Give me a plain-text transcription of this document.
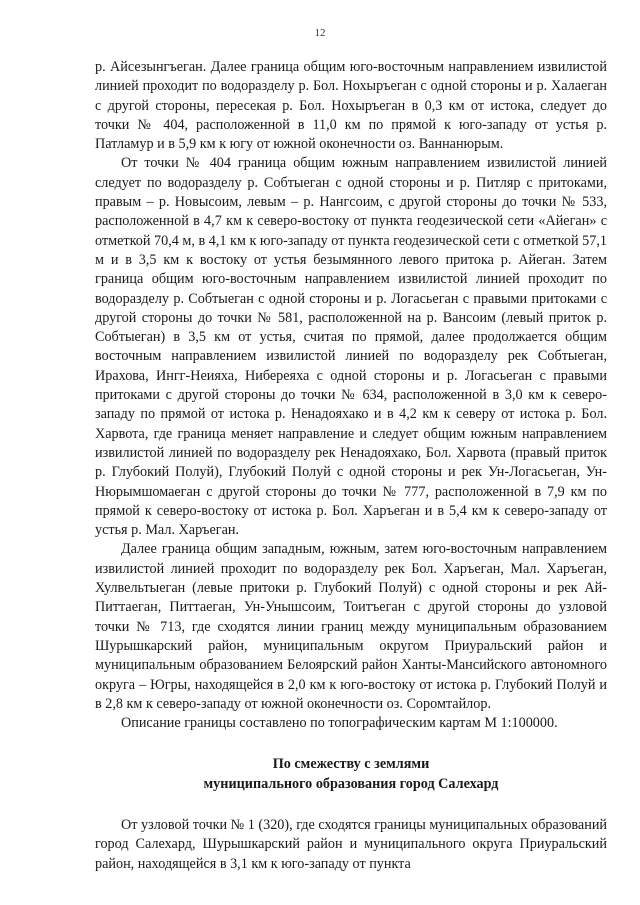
12

р. Айсезынгъеган. Далее граница общим юго-восточным направлением извилистой линией проходит по водоразделу р. Бол. Нохыръеган с одной стороны и р. Халаеган с другой стороны, пересекая р. Бол. Нохыръеган в 0,3 км от истока, следует до точки № 404, расположенной в 11,0 км по прямой к юго-западу от устья р. Патламур и в 5,9 км к югу от южной оконечности оз. Ваннанюрым.

От точки № 404 граница общим южным направлением извилистой линией следует по водоразделу р. Собтыеган с одной стороны и р. Питляр с притоками, правым – р. Новысоим, левым – р. Нангсоим, с другой стороны до точки № 533, расположенной в 4,7 км к северо-востоку от пункта геодезической сети «Айеган» с отметкой 70,4 м, в 4,1 км к юго-западу от пункта геодезической сети с отметкой 57,1 м и в 3,5 км к востоку от устья безымянного левого притока р. Айеган. Затем граница общим юго-восточным направлением извилистой линией проходит по водоразделу р. Собтыеган с одной стороны и р. Логасьеган с правыми притоками с другой стороны до точки № 581, расположенной на р. Вансоим (левый приток р. Собтыеган) в 3,5 км от устья, считая по прямой, далее продолжается общим восточным направлением извилистой линией по водоразделу рек Собтыеган, Ирахова, Ингг-Неияха, Нибереяха с одной стороны и р. Логасьеган с правыми притоками с другой стороны до точки № 634, расположенной в 3,0 км к северо-западу по прямой от истока р. Ненадояхако и в 4,2 км к северу от истока р. Бол. Харвота, где граница меняет направление и следует общим южным направлением извилистой линией по водоразделу рек Ненадояхако, Бол. Харвота (правый приток р. Глубокий Полуй), Глубокий Полуй с одной стороны и рек Ун-Логасьеган, Ун-Нюрымшомаеган с другой стороны до точки № 777, расположенной в 7,9 км по прямой к северо-востоку от истока р. Бол. Харъеган и в 5,4 км к северо-западу от устья р. Мал. Харъеган.

Далее граница общим западным, южным, затем юго-восточным направлением извилистой линией проходит по водоразделу рек Бол. Харъеган, Мал. Харъеган, Хулвельтыеган (левые притоки р. Глубокий Полуй) с одной стороны и рек Ай-Питтаеган, Питтаеган, Ун-Унышсоим, Тоитъеган с другой стороны до узловой точки № 713, где сходятся линии границ между муниципальным образованием Шурышкарский район, муниципальным округом Приуральский район и муниципальным образованием Белоярский район Ханты-Мансийского автономного округа – Югры, находящейся в 2,0 км к юго-востоку от истока р. Глубокий Полуй и в 2,8 км к северо-западу от южной оконечности оз. Соромтайлор.

Описание границы составлено по топографическим картам М 1:100000.

По смежеству с землями
муниципального образования город Салехард

От узловой точки № 1 (320), где сходятся границы муниципальных образований город Салехард, Шурышкарский район и муниципального округа Приуральский район, находящейся в 3,1 км к юго-западу от пункта
